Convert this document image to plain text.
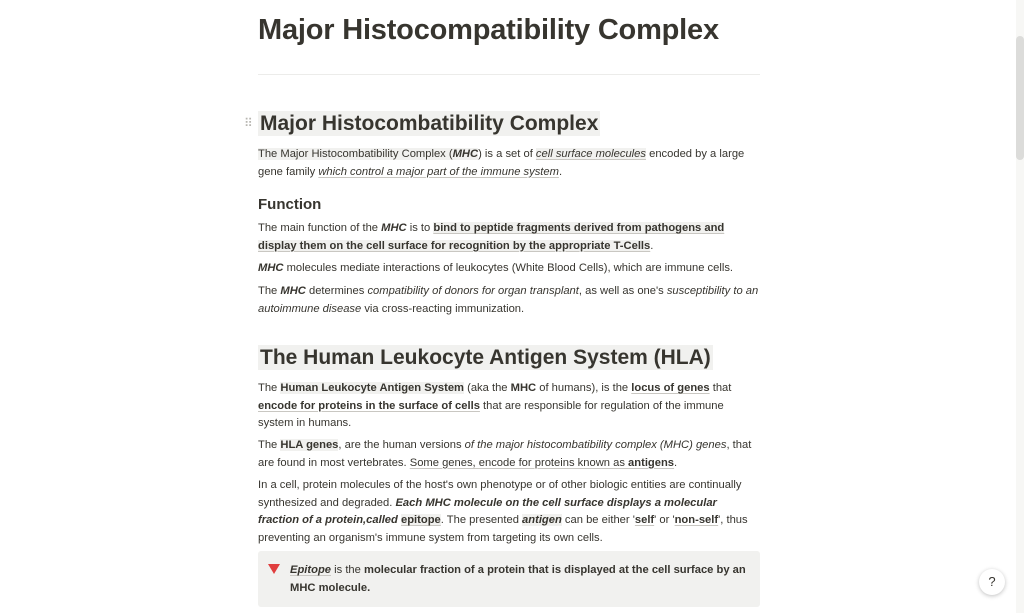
Major Histocompatibility Complex
Major Histocombatibility Complex

The Major Histocombatibility Complex (MHC) is a set of cell surface molecules encoded by a large gene family which control a major part of the immune system.

Function

The main function of the MHC is to bind to peptide fragments derived from pathogens and display them on the cell surface for recognition by the appropriate T-Cells.

MHC molecules mediate interactions of leukocytes (White Blood Cells), which are immune cells.

The MHC determines compatibility of donors for organ transplant, as well as one's susceptibility to an autoimmune disease via cross-reacting immunization.

The Human Leukocyte Antigen System (HLA)

The Human Leukocyte Antigen System (aka the MHC of humans), is the locus of genes that encode for proteins in the surface of cells that are responsible for regulation of the immune system in humans.

The HLA genes, are the human versions of the major histocombatibility complex (MHC) genes, that are found in most vertebrates. Some genes, encode for proteins known as antigens.

In a cell, protein molecules of the host's own phenotype or of other biologic entities are continually synthesized and degraded. Each MHC molecule on the cell surface displays a molecular fraction of a protein,called epitope. The presented antigen can be either 'self' or 'non-self', thus preventing an organism's immune system from targeting its own cells.

Epitope is the molecular fraction of a protein that is displayed at the cell surface by an MHC molecule.

⠿
?
